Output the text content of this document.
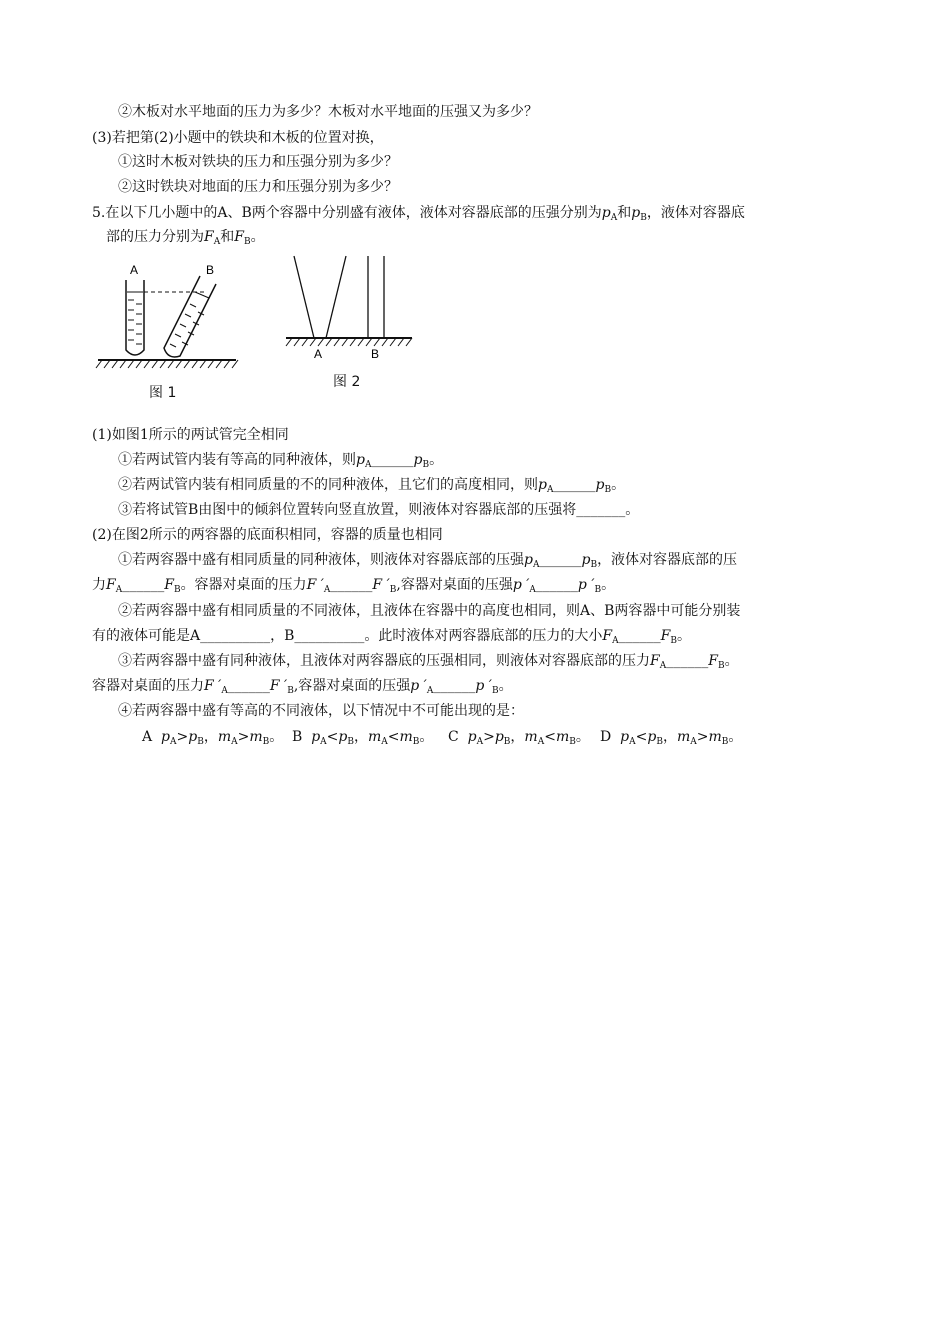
②木板对水平地面的压力为多少？木板对水平地面的压强又为多少？
(3)若把第(2)小题中的铁块和木板的位置对换，
①这时木板对铁块的压力和压强分别为多少？
②这时铁块对地面的压力和压强分别为多少？
5.在以下几小题中的A、B两个容器中分别盛有液体，液体对容器底部的压强分别为$p_A$和$p_B$，液体对容器底
部的压力分别为$F_A$和$F_B$。
A	B
图 1
A	B
图 2
(1)如图1所示的两试管完全相同
①若两试管内装有等高的同种液体，则$p_A\_\_\_\_\_\_p_B$。
②若两试管内装有相同质量的不的同种液体，且它们的高度相同，则$p_A\_\_\_\_\_\_p_B$。
③若将试管B由图中的倾斜位置转向竖直放置，则液体对容器底部的压强将_______。
(2)在图2所示的两容器的底面积相同，容器的质量也相同
①若两容器中盛有相同质量的同种液体，则液体对容器底部的压强$p_A\_\_\_\_\_\_p_B$，液体对容器底部的压
力$F_A\_\_\_\_\_\_F_B$。容器对桌面的压力F $'_A\_\_\_\_\_\_F$ $'_B$,容器对桌面的压强p $'_A\_\_\_\_\_\_p$ $'_B$。
②若两容器中盛有相同质量的不同液体，且液体在容器中的高度也相同，则A、B两容器中可能分别装
有的液体可能是A__________，B__________。此时液体对两容器底部的压力的大小$F_A\_\_\_\_\_\_F_B$。
③若两容器中盛有同种液体，且液体对两容器底的压强相同，则液体对容器底部的压力$F_A\_\_\_\_\_\_F_B$。
容器对桌面的压力F $'_A\_\_\_\_\_\_F$ $'_B$,容器对桌面的压强p $'_A\_\_\_\_\_\_p$ $'_B$。
④若两容器中盛有等高的不同液体，以下情况中不可能出现的是：
A $p_A>p_B$，$m_A>m_B$。 B $p_A<p_B$，$m_A<m_B$。 C $p_A>p_B$，$m_A<m_B$。 D $p_A<p_B$，$m_A>m_B$。
